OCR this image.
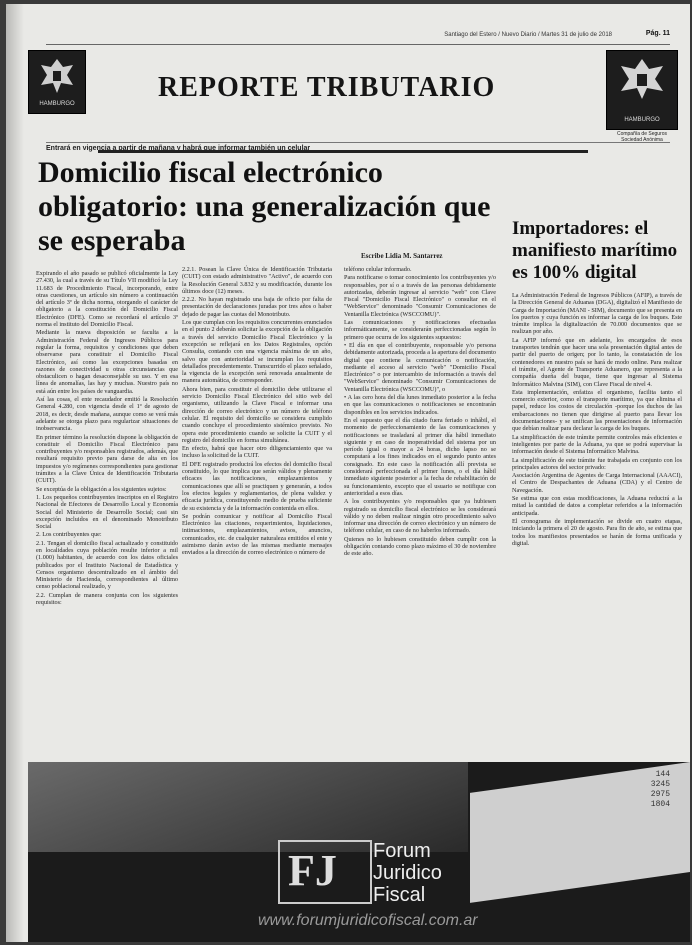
Santiago del Estero / Nuevo Diario / Martes 31 de julio de 2018	Pág. 11
HAMBURGO
REPORTE TRIBUTARIO
HAMBURGO
Compañía de Seguros Sociedad Anónima
Entrará en vigencia a partir de mañana y habrá que informar también un celular
Domicilio fiscal electrónico obligatorio: una generalización que se esperaba	Escribe Lidia M. Santarrez
Importadores: el manifiesto marítimo es 100% digital

Expirando el año pasado se publicó oficialmente la Ley 27.430, la cual a través de su Título VII modificó la Ley 11.683 de Procedimiento Fiscal, incorporando, entre otras cuestiones, un artículo sin número a continuación del artículo 3º de dicha norma, otorgando el carácter de obligatorio a la constitución del Domicilio Fiscal Electrónico (DFE). Como se recordará el artículo 3º norma el instituto del Domicilio Fiscal.

Mediante la nueva disposición se faculta a la Administración Federal de Ingresos Públicos para regular la forma, requisitos y condiciones que deben observarse para constituir el Domicilio Fiscal Electrónico, así como las excepciones basadas en razones de conectividad u otras circunstancias que obstaculicen o hagan desaconsejable su uso. Y en esa línea de anomalías, las hay y muchas. Nuestro país no está aún entre los países de vanguardia.

Así las cosas, el ente recaudador emitió la Resolución General 4.280, con vigencia desde el 1º de agosto de 2018, es decir, desde mañana, aunque como se verá más adelante se otorga plazo para regularizar situaciones de inobservancia.

En primer término la resolución dispone la obligación de constituir el Domicilio Fiscal Electrónico para contribuyentes y/o responsables registrados, además, que resultará requisito previo para darse de alta en los impuestos y/o regímenes correspondientes para gestionar trámites a la Clave Única de Identificación Tributaria (CUIT).

Se exceptúa de la obligación a los siguientes sujetos:

1. Los pequeños contribuyentes inscriptos en el Registro Nacional de Efectores de Desarrollo Local y Economía Social del Ministerio de Desarrollo Social; casi sin excepción incluidos en el denominado Monotributo Social

2. Los contribuyentes que:

2.1. Tengan el domicilio fiscal actualizado y constituido en localidades cuya población resulte inferior a mil (1.000) habitantes, de acuerdo con los datos oficiales publicados por el Instituto Nacional de Estadística y Censos organismo descentralizado en el ámbito del Ministerio de Hacienda, correspondientes al último censo poblacional realizado, y

2.2. Cumplan de manera conjunta con los siguientes requisitos:

2.2.1. Posean la Clave Única de Identificación Tributaria (CUIT) con estado administrativo "Activo", de acuerdo con la Resolución General 3.832 y su modificación, durante los últimos doce (12) meses.

2.2.2. No hayan registrado una baja de oficio por falta de presentación de declaraciones juradas por tres años o haber dejado de pagar las cuotas del Monotributo.

Los que cumplan con los requisitos concurrentes enunciados en el punto 2 deberán solicitar la excepción de la obligación a través del servicio Domicilio Fiscal Electrónico y la excepción se reflejará en los Datos Registrales, opción Consulta, contando con una vigencia máxima de un año, salvo que con anterioridad se incumplan los requisitos detallados precedentemente. Transcurrido el plazo señalado, la vigencia de la excepción será renovada anualmente de manera automática, de corresponder.

Ahora bien, para constituir el domicilio debe utilizarse el servicio Domicilio Fiscal Electrónico del sitio web del organismo, utilizando la Clave Fiscal e informar una dirección de correo electrónico y un número de teléfono celular. El requisito del domicilio se considera cumplido cuando concluye el procedimiento sistémico previsto. No opera este procedimiento cuando se solicite la CUIT y el registro del domicilio en forma simultánea.

En efecto, habrá que hacer otro diligenciamiento que va incluso la solicitud de la CUIT.

El DFE registrado producirá los efectos del domicilio fiscal constituido, lo que implica que serán válidos y plenamente eficaces las notificaciones, emplazamientos y comunicaciones que allí se practiquen y generarán, a todos los efectos legales y reglamentarios, de plena validez y eficacia jurídica, constituyendo medio de prueba suficiente de su existencia y de la información contenida en ellos.

Se podrán comunicar y notificar al Domicilio Fiscal Electrónico las citaciones, requerimientos, liquidaciones, intimaciones, emplazamientos, avisos, anuncios, comunicados, etc. de cualquier naturaleza emitidos el ente y asimismo darán aviso de las mismas mediante mensajes enviados a la dirección de correo electrónico o número de

teléfono celular informado.

Para notificarse o tomar conocimiento los contribuyentes y/o responsables, por sí o a través de las personas debidamente autorizadas, deberán ingresar al servicio "web" con Clave Fiscal "Domicilio Fiscal Electrónico" o consultar en el "WebService" denominado "Consumir Comunicaciones de Ventanilla Electrónica (WSCCOMU)".

Las comunicaciones y notificaciones efectuadas informáticamente, se considerarán perfeccionadas según lo primero que ocurra de los siguientes supuestos:

• El día en que el contribuyente, responsable y/o persona debidamente autorizada, proceda a la apertura del documento digital que contiene la comunicación o notificación, mediante el acceso al servicio "web" "Domicilio Fiscal Electrónico" o por intercambio de información a través del "WebService" denominado "Consumir Comunicaciones de Ventanilla Electrónica (WSCCOMU)", o

• A las cero hora del día lunes inmediato posterior a la fecha en que las comunicaciones o notificaciones se encontrarán disponibles en los servicios indicados.

En el supuesto que el día citado fuera feriado o inhábil, el momento de perfeccionamiento de las comunicaciones y notificaciones se trasladará al primer día hábil inmediato siguiente y en caso de inoperatividad del sistema por un período igual o mayor a 24 horas, dicho lapso no se computará a los fines indicados en el segundo punto antes consignado. En este caso la notificación allí prevista se considerará perfeccionada el primer lunes, o el día hábil inmediato siguiente posterior a la fecha de rehabilitación de su funcionamiento, excepto que el usuario se notifique con anterioridad a esos días.

A los contribuyentes y/o responsables que ya hubiesen registrado su domicilio fiscal electrónico se les considerará válido y no deben realizar ningún otro procedimiento salvo informar una dirección de correo electrónico y un número de teléfono celular, en caso de no haberlos informado.

Quienes no lo hubiesen constituido deben cumplir con la obligación contando como plazo máximo el 30 de noviembre de este año.

La Administración Federal de Ingresos Públicos (AFIP), a través de la Dirección General de Aduanas (DGA), digitalizó el Manifiesto de Carga de Importación (MANI - SIM), documento que se presenta en los puertos y cuya función es informar la carga de los buques. Este trámite implica la digitalización de 70.000 documentos que se realizan por año.

La AFIP informó que en adelante, los encargados de esos transportes tendrán que hacer una sola presentación digital antes de partir del puerto de origen; por lo tanto, la constatación de los contenedores en nuestro país se hará de modo online. Para realizar el trámite, el Agente de Transporte Aduanero, que representa a la compañía dueña del buque, tiene que ingresar al Sistema Informático Malvina (SIM), con Clave Fiscal de nivel 4.

Esta implementación, enfatiza el organismo, facilita tanto el comercio exterior, como el transporte marítimo, ya que elimina el papel, reduce los costos de circulación -porque los duchos de las embarcaciones no tienen que dirigirse al puerto para llevar los documentaciones- y se unifican las presentaciones de información que debían realizar para declarar la carga de los buques.

La simplificación de este trámite permite controles más eficientes e inteligentes por parte de la Aduana, ya que se podrá supervisar la información desde el Sistema Informático Malvina.

La simplificación de este trámite fue trabajada en conjunto con los principales actores del sector privado:

Asociación Argentina de Agentes de Carga Internacional (AAACI), el Centro de Despachantes de Aduana (CDA) y el Centro de Navegación.

Se estima que con estas modificaciones, la Aduana reducirá a la mitad la cantidad de datos a completar referidos a la información anticipada.

El cronograma de implementación se divide en cuatro etapas, iniciando la primera el 20 de agosto. Para fin de año, se estima que todos los manifiestos presentados se harán de forma unificada y digital.

144
3245
2975
1804
FJ Forum
Juridico
Fiscal
www.forumjuridicofiscal.com.ar
